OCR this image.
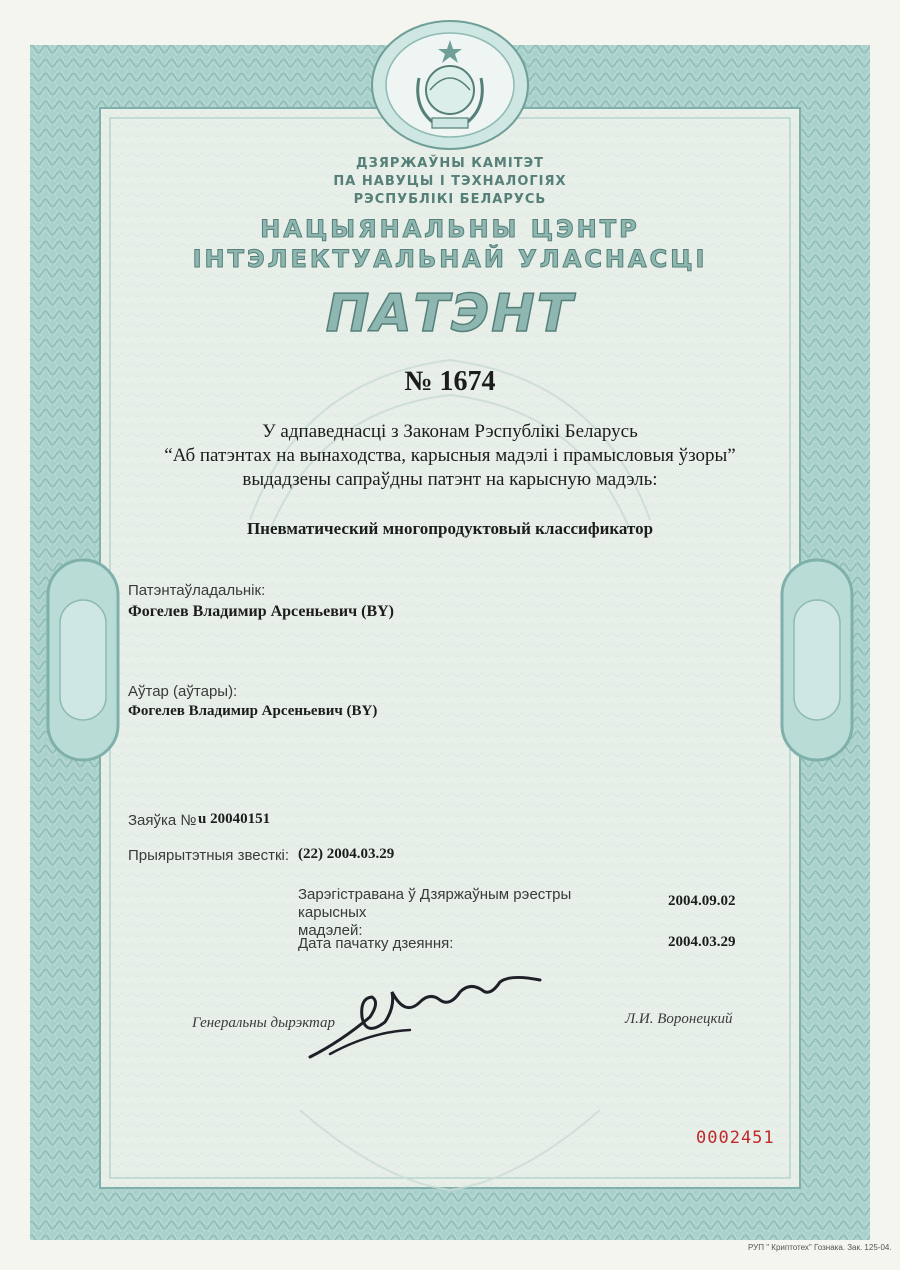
ДЗЯРЖАЎНЫ КАМІТЭТ
ПА НАВУЦЫ І ТЭХНАЛОГІЯХ
РЭСПУБЛІКІ БЕЛАРУСЬ
НАЦЫЯНАЛЬНЫ ЦЭНТР
ІНТЭЛЕКТУАЛЬНАЙ УЛАСНАСЦІ
ПАТЭНТ
№ 1674
У адпаведнасці з Законам Рэспублікі Беларусь
“Аб патэнтах на вынаходства, карысныя мадэлі і прамысловыя ўзоры”
выдадзены сапраўдны патэнт на карысную мадэль:
Пневматический многопродуктовый классификатор
Патэнтаўладальнік:
Фогелев Владимир Арсеньевич (BY)
Аўтар (аўтары):
Фогелев Владимир Арсеньевич (BY)
Заяўка № u 20040151
Прыярытэтныя звесткі: (22) 2004.03.29
Зарэгістравана ў Дзяржаўным рэестры карысных
мадэлей:
2004.09.02
Дата пачатку дзеяння:	2004.03.29
Генеральны дырэктар	Л.И. Воронецкий
0002451
РУП " Криптотех" Гознака. Зак. 125-04.
